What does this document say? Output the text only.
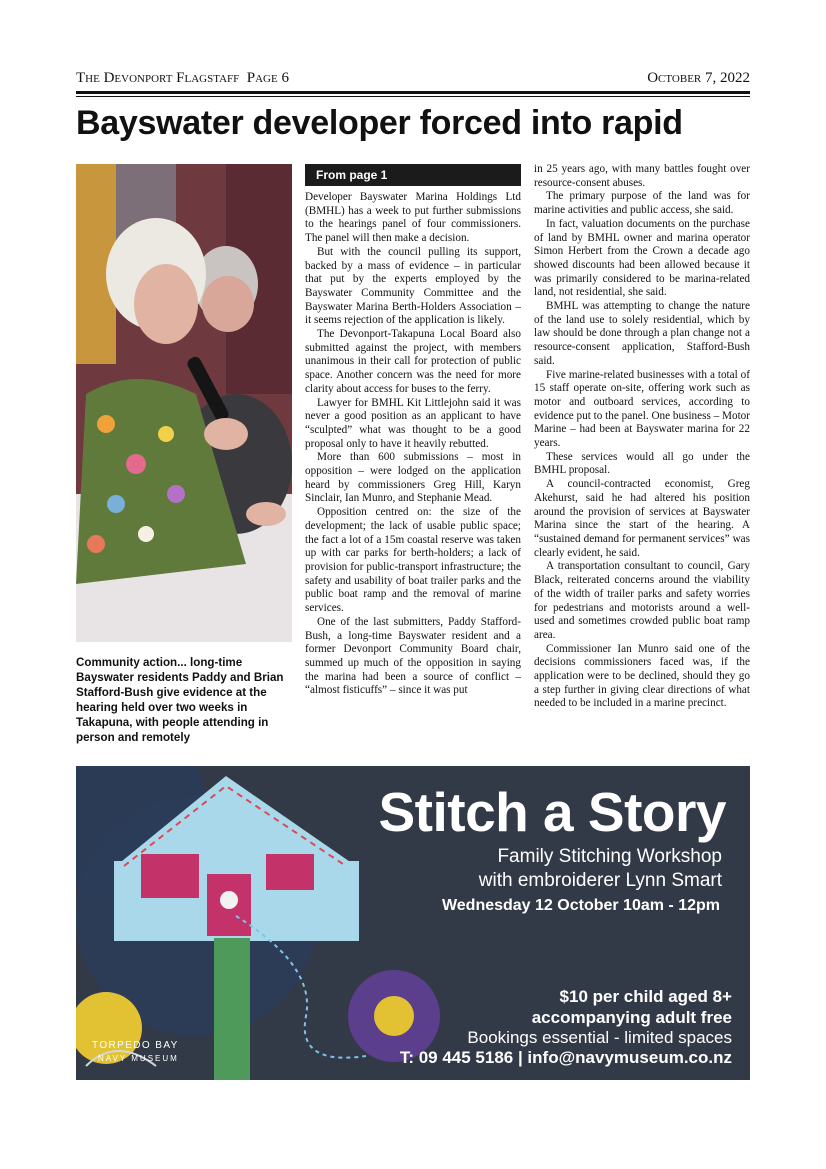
The Devonport Flagstaff Page 6	October 7, 2022
Bayswater developer forced into rapid
Community action... long-time Bayswater residents Paddy and Brian Stafford-Bush give evidence at the hearing held over two weeks in Takapuna, with people attending in person and remotely
From page 1

Developer Bayswater Marina Holdings Ltd (BMHL) has a week to put further submissions to the hearings panel of four commissioners. The panel will then make a decision.

But with the council pulling its support, backed by a mass of evidence – in particular that put by the experts employed by the Bayswater Community Committee and the Bayswater Marina Berth-Holders Association – it seems rejection of the application is likely.

The Devonport-Takapuna Local Board also submitted against the project, with members unanimous in their call for protection of public space. Another concern was the need for more clarity about access for buses to the ferry.

Lawyer for BMHL Kit Littlejohn said it was never a good position as an applicant to have “sculpted” what was thought to be a good proposal only to have it heavily rebutted.

More than 600 submissions – most in opposition – were lodged on the application heard by commissioners Greg Hill, Karyn Sinclair, Ian Munro, and Stephanie Mead.

Opposition centred on: the size of the development; the lack of usable public space; the fact a lot of a 15m coastal reserve was taken up with car parks for berth-holders; a lack of provision for public-transport infrastructure; the safety and usability of boat trailer parks and the public boat ramp and the removal of marine services.

One of the last submitters, Paddy Stafford-Bush, a long-time Bayswater resident and a former Devonport Community Board chair, summed up much of the opposition in saying the marina had been a source of conflict – “almost fisticuffs” – since it was put

in 25 years ago, with many battles fought over resource-consent abuses.

The primary purpose of the land was for marine activities and public access, she said.

In fact, valuation documents on the purchase of land by BMHL owner and marina operator Simon Herbert from the Crown a decade ago showed discounts had been allowed because it was primarily considered to be marina-related land, not residential, she said.

BMHL was attempting to change the nature of the land use to solely residential, which by law should be done through a plan change not a resource-consent application, Stafford-Bush said.

Five marine-related businesses with a total of 15 staff operate on-site, offering work such as motor and outboard services, according to evidence put to the panel. One business – Motor Marine – had been at Bayswater marina for 22 years.

These services would all go under the BMHL proposal.

A council-contracted economist, Greg Akehurst, said he had altered his position around the provision of services at Bayswater Marina since the start of the hearing. A “sustained demand for permanent services” was clearly evident, he said.

A transportation consultant to council, Gary Black, reiterated concerns around the viability of the width of trailer parks and safety worries for pedestrians and motorists around a well-used and sometimes crowded public boat ramp area.

Commissioner Ian Munro said one of the decisions commissioners faced was, if the application were to be declined, should they go a step further in giving clear directions of what needed to be included in a marine precinct.

Stitch a Story
Family Stitching Workshop
with embroiderer Lynn Smart
Wednesday 12 October 10am - 12pm
$10 per child aged 8+
accompanying adult free
Bookings essential - limited spaces
T: 09 445 5186 | info@navymuseum.co.nz
TORPEDO BAY
NAVY MUSEUM
